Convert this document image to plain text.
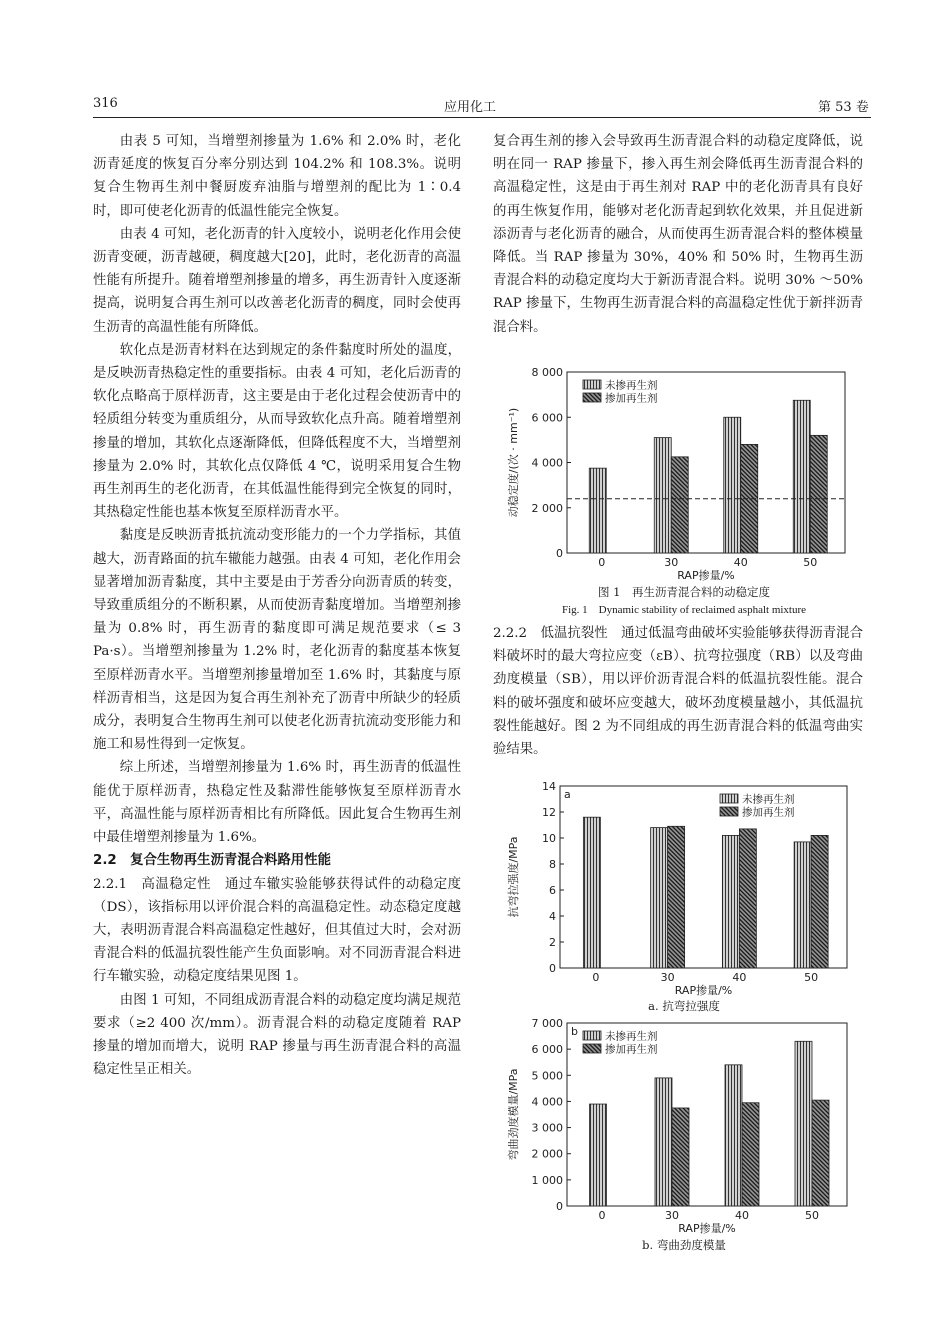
316	应用化工	第 53 卷

由表 5 可知，当增塑剂掺量为 1.6% 和 2.0% 时，老化沥青延度的恢复百分率分别达到 104.2% 和 108.3%。说明复合生物再生剂中餐厨废弃油脂与增塑剂的配比为 1∶0.4 时，即可使老化沥青的低温性能完全恢复。

由表 4 可知，老化沥青的针入度较小，说明老化作用会使沥青变硬，沥青越硬，稠度越大[20]，此时，老化沥青的高温性能有所提升。随着增塑剂掺量的增多，再生沥青针入度逐渐提高，说明复合再生剂可以改善老化沥青的稠度，同时会使再生沥青的高温性能有所降低。

软化点是沥青材料在达到规定的条件黏度时所处的温度，是反映沥青热稳定性的重要指标。由表 4 可知，老化后沥青的软化点略高于原样沥青，这主要是由于老化过程会使沥青中的轻质组分转变为重质组分，从而导致软化点升高。随着增塑剂掺量的增加，其软化点逐渐降低，但降低程度不大，当增塑剂掺量为 2.0% 时，其软化点仅降低 4 ℃，说明采用复合生物再生剂再生的老化沥青，在其低温性能得到完全恢复的同时，其热稳定性能也基本恢复至原样沥青水平。

黏度是反映沥青抵抗流动变形能力的一个力学指标，其值越大，沥青路面的抗车辙能力越强。由表 4 可知，老化作用会显著增加沥青黏度，其中主要是由于芳香分向沥青质的转变，导致重质组分的不断积累，从而使沥青黏度增加。当增塑剂掺量为 0.8% 时，再生沥青的黏度即可满足规范要求（≤ 3 Pa·s）。当增塑剂掺量为 1.2% 时，老化沥青的黏度基本恢复至原样沥青水平。当增塑剂掺量增加至 1.6% 时，其黏度与原样沥青相当，这是因为复合再生剂补充了沥青中所缺少的轻质成分，表明复合生物再生剂可以使老化沥青抗流动变形能力和施工和易性得到一定恢复。

综上所述，当增塑剂掺量为 1.6% 时，再生沥青的低温性能优于原样沥青，热稳定性及黏滞性能够恢复至原样沥青水平，高温性能与原样沥青相比有所降低。因此复合生物再生剂中最佳增塑剂掺量为 1.6%。

2.2　复合生物再生沥青混合料路用性能

2.2.1　高温稳定性　通过车辙实验能够获得试件的动稳定度（DS），该指标用以评价混合料的高温稳定性。动态稳定度越大，表明沥青混合料高温稳定性越好，但其值过大时，会对沥青混合料的低温抗裂性能产生负面影响。对不同沥青混合料进行车辙实验，动稳定度结果见图 1。

由图 1 可知，不同组成沥青混合料的动稳定度均满足规范要求（≥2 400 次/mm）。沥青混合料的动稳定度随着 RAP 掺量的增加而增大，说明 RAP 掺量与再生沥青混合料的高温稳定性呈正相关。

复合再生剂的掺入会导致再生沥青混合料的动稳定度降低，说明在同一 RAP 掺量下，掺入再生剂会降低再生沥青混合料的高温稳定性，这是由于再生剂对 RAP 中的老化沥青具有良好的再生恢复作用，能够对老化沥青起到软化效果，并且促进新添沥青与老化沥青的融合，从而使再生沥青混合料的整体模量降低。当 RAP 掺量为 30%，40% 和 50% 时，生物再生沥青混合料的动稳定度均大于新沥青混合料。说明 30% ～50% RAP 掺量下，生物再生沥青混合料的高温稳定性优于新拌沥青混合料。

2.2.2　低温抗裂性　通过低温弯曲破坏实验能够获得沥青混合料破坏时的最大弯拉应变（εB）、抗弯拉强度（RB）以及弯曲劲度模量（SB），用以评价沥青混合料的低温抗裂性能。混合料的破坏强度和破坏应变越大，破坏劲度模量越小，其低温抗裂性能越好。图 2 为不同组成的再生沥青混合料的低温弯曲实验结果。

0
2 000
4 000
6 000
8 000
0	30	40	50
RAP掺量/%
动稳定度/(次 · mm⁻¹)
未掺再生剂
掺加再生剂
图 1　再生沥青混合料的动稳定度
Fig. 1　Dynamic stability of reclaimed asphalt mixture
0
2
4
6
8
10
12
14
0	30	40	50
RAP掺量/%
抗弯拉强度/MPa
a	未掺再生剂
掺加再生剂
a. 抗弯拉强度
0
1 000
2 000
3 000
4 000
5 000
6 000
7 000
0	30	40	50
RAP掺量/%
弯曲劲度模量/MPa
b	未掺再生剂
掺加再生剂
b. 弯曲劲度模量
